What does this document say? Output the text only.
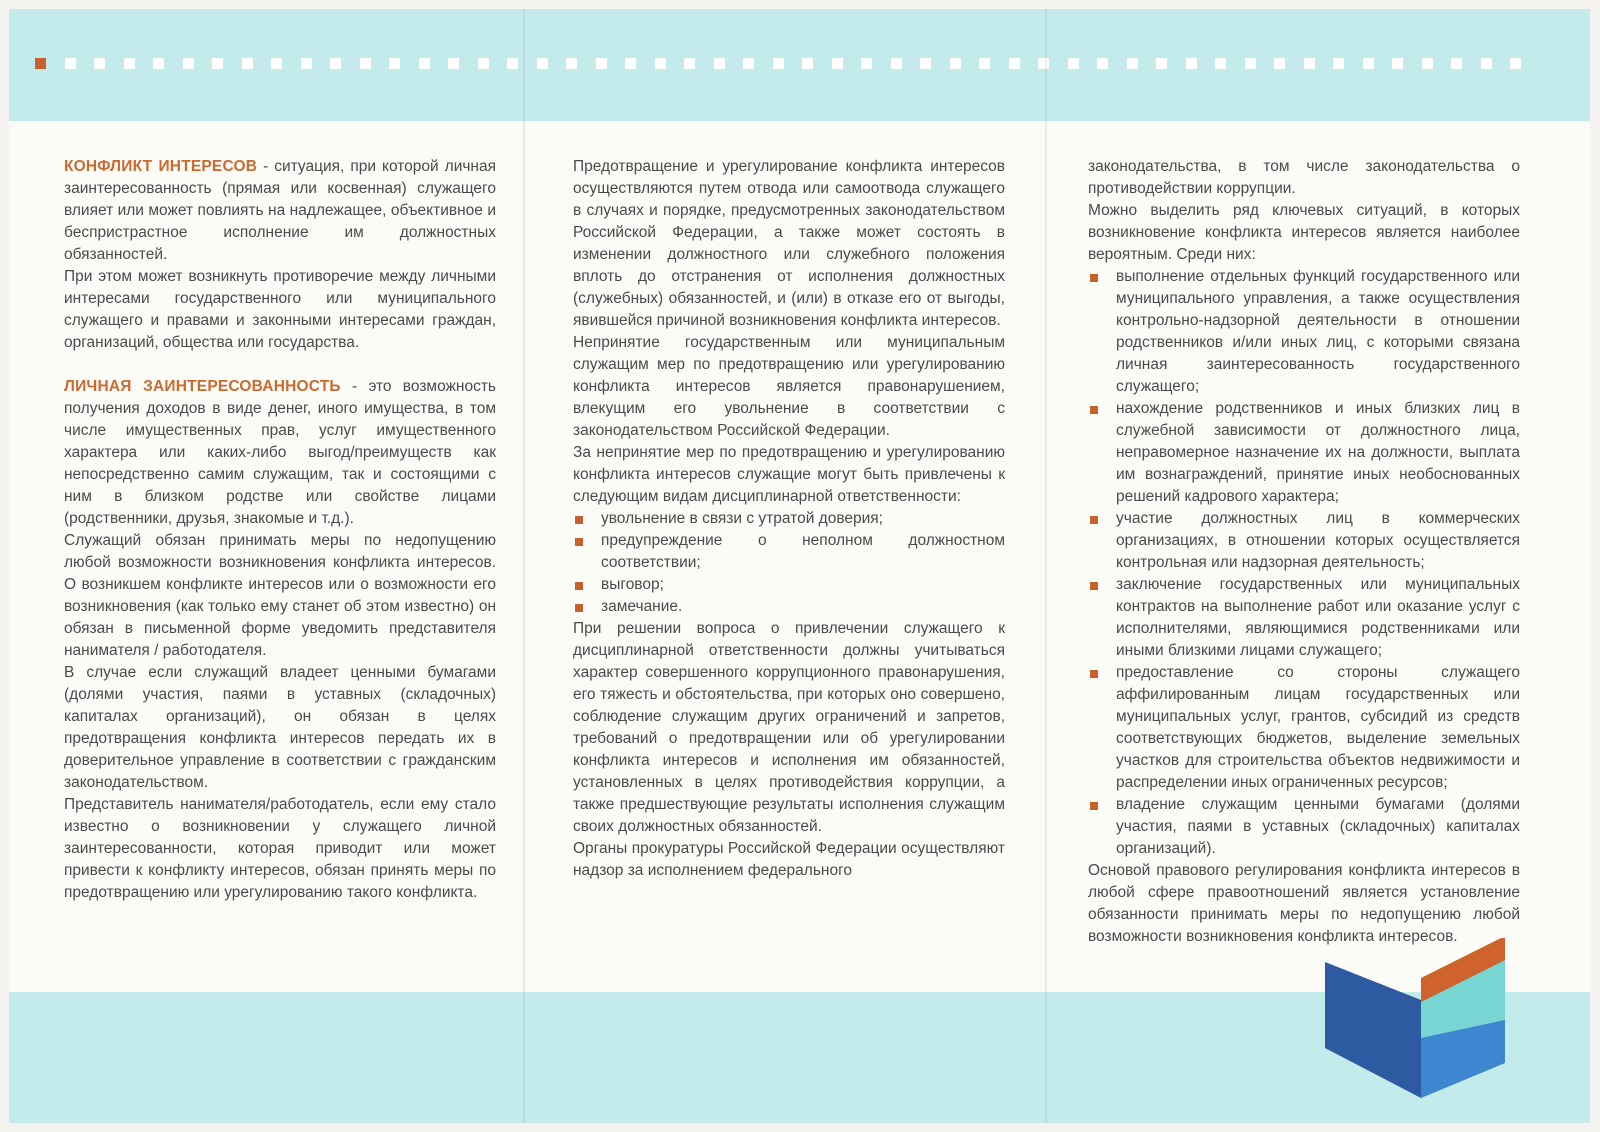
КОНФЛИКТ ИНТЕРЕСОВ - ситуация, при которой личная заинтересованность (прямая или косвенная) служащего влияет или может повлиять на надлежащее, объективное и беспристрастное исполнение им должностных обязанностей.

При этом может возникнуть противоречие между личными интересами государственного или муниципального служащего и правами и законными интересами граждан, организаций, общества или государства.

ЛИЧНАЯ ЗАИНТЕРЕСОВАННОСТЬ - это возможность получения доходов в виде денег, иного имущества, в том числе имущественных прав, услуг имущественного характера или каких-либо выгод/преимуществ как непосредственно самим служащим, так и состоящими с ним в близком родстве или свойстве лицами (родственники, друзья, знакомые и т.д.).

Служащий обязан принимать меры по недопущению любой возможности возникновения конфликта интересов. О возникшем конфликте интересов или о возможности его возникновения (как только ему станет об этом известно) он обязан в письменной форме уведомить представителя нанимателя / работодателя.

В случае если служащий владеет ценными бумагами (долями участия, паями в уставных (складочных) капиталах организаций), он обязан в целях предотвращения конфликта интересов передать их в доверительное управление в соответствии с гражданским законодательством.

Представитель нанимателя/работодатель, если ему стало известно о возникновении у служащего личной заинтересованности, которая приводит или может привести к конфликту интересов, обязан принять меры по предотвращению или урегулированию такого конфликта.

Предотвращение и урегулирование конфликта интересов осуществляются путем отвода или самоотвода служащего в случаях и порядке, предусмотренных законодательством Российской Федерации, а также может состоять в изменении должностного или служебного положения вплоть до отстранения от исполнения должностных (служебных) обязанностей, и (или) в отказе его от выгоды, явившейся причиной возникновения конфликта интересов.

Непринятие государственным или муниципальным служащим мер по предотвращению или урегулированию конфликта интересов является правонарушением, влекущим его увольнение в соответствии с законодательством Российской Федерации.

За непринятие мер по предотвращению и урегулированию конфликта интересов служащие могут быть привлечены к следующим видам дисциплинарной ответственности:

увольнение в связи с утратой доверия;
предупреждение о неполном должностном соответствии;
выговор;
замечание.

При решении вопроса о привлечении служащего к дисциплинарной ответственности должны учитываться характер совершенного коррупционного правонарушения, его тяжесть и обстоятельства, при которых оно совершено, соблюдение служащим других ограничений и запретов, требований о предотвращении или об урегулировании конфликта интересов и исполнения им обязанностей, установленных в целях противодействия коррупции, а также предшествующие результаты исполнения служащим своих должностных обязанностей.

Органы прокуратуры Российской Федерации осуществляют надзор за исполнением федерального

законодательства, в том числе законодательства о противодействии коррупции.

Можно выделить ряд ключевых ситуаций, в которых возникновение конфликта интересов является наиболее вероятным. Среди них:

выполнение отдельных функций государственного или муниципального управления, а также осуществления контрольно-надзорной деятельности в отношении родственников и/или иных лиц, с которыми связана личная заинтересованность государственного служащего;
нахождение родственников и иных близких лиц в служебной зависимости от должностного лица, неправомерное назначение их на должности, выплата им вознаграждений, принятие иных необоснованных решений кадрового характера;
участие должностных лиц в коммерческих организациях, в отношении которых осуществляется контрольная или надзорная деятельность;
заключение государственных или муниципальных контрактов на выполнение работ или оказание услуг с исполнителями, являющимися родственниками или иными близкими лицами служащего;
предоставление со стороны служащего аффилированным лицам государственных или муниципальных услуг, грантов, субсидий из средств соответствующих бюджетов, выделение земельных участков для строительства объектов недвижимости и распределении иных ограниченных ресурсов;
владение служащим ценными бумагами (долями участия, паями в уставных (складочных) капиталах организаций).

Основой правового регулирования конфликта интересов в любой сфере правоотношений является установление обязанности принимать меры по недопущению любой возможности возникновения конфликта интересов.
